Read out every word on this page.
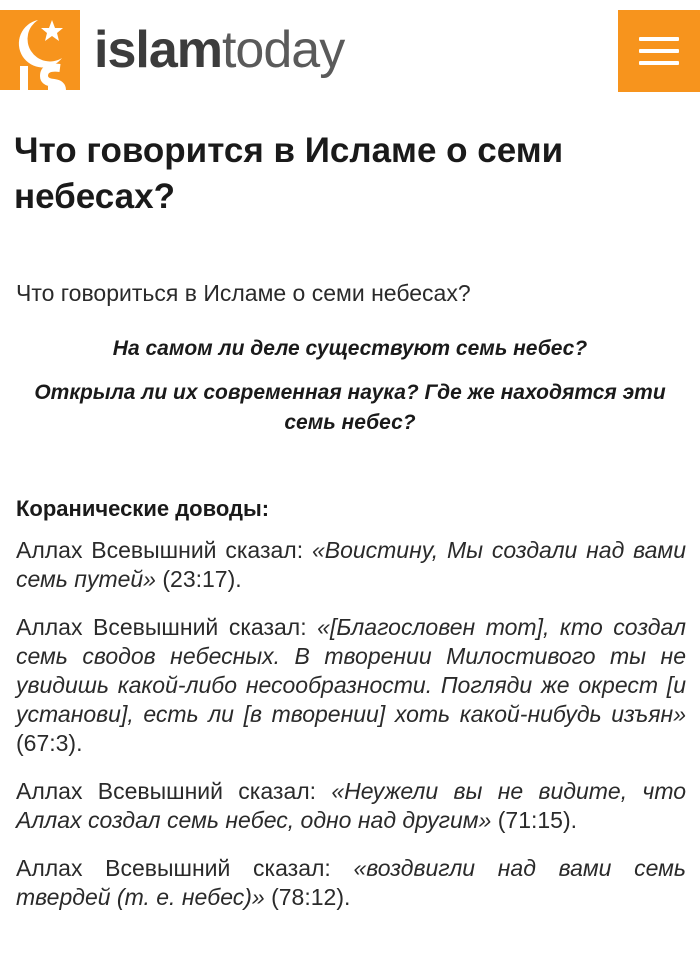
islamtoday
Что говорится в Исламе о семи небесах?

Что говориться в Исламе о семи небесах?

На самом ли деле существуют семь небес?

Открыла ли их современная наука? Где же находятся эти семь небес?

Коранические доводы:

Аллах Всевышний сказал: «Воистину, Мы создали над вами семь путей» (23:17).

Аллах Всевышний сказал: «[Благословен тот], кто создал семь сводов небесных. В творении Милостивого ты не увидишь какой-либо несообразности. Погляди же окрест [и установи], есть ли [в творении] хоть какой-нибудь изъян» (67:3).

Аллах Всевышний сказал: «Неужели вы не видите, что Аллах создал семь небес, одно над другим» (71:15).

Аллах Всевышний сказал: «воздвигли над вами семь твердей (т. е. небес)» (78:12).
